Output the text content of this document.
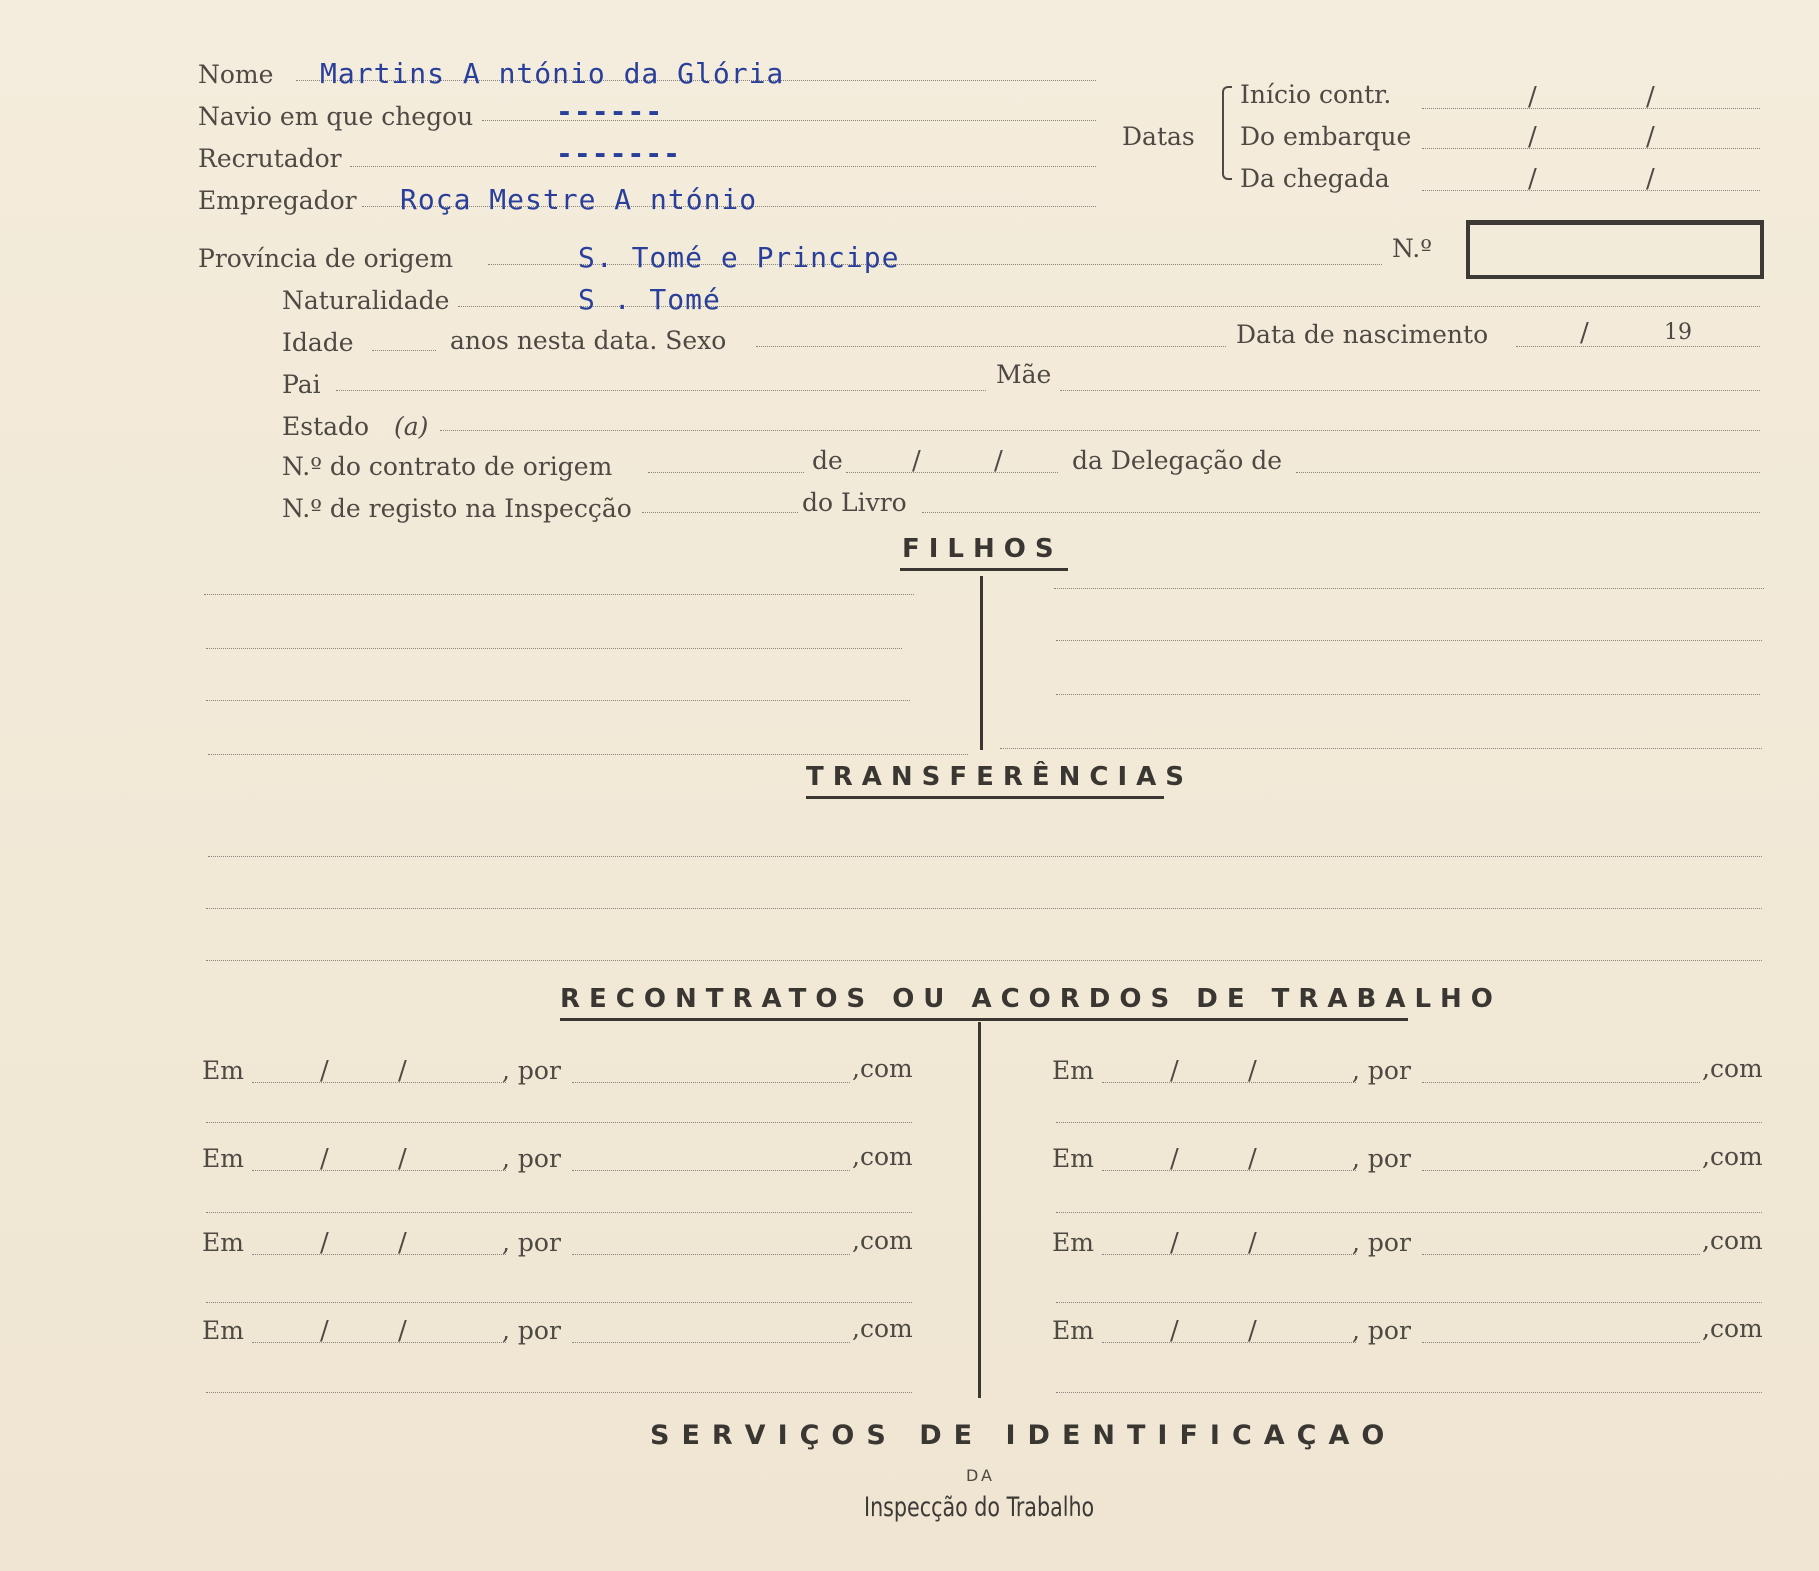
Nome Martins A ntónio da Glória
Navio em que chegou	------
Recrutador	-------
Empregador Roça Mestre A ntónio
Datas
Início contr.	/	/
Do embarque	/	/
Da chegada	/	/
Província de origem	S. Tomé e Principe	N.º
Naturalidade	S . Tomé
Idade	anos nesta data. Sexo	Data de nascimento	/	19
Pai	Mãe
Estado (a)
N.º do contrato de origem	de	/	/	da Delegação de
N.º de registo na Inspecção	do Livro
FILHOS
TRANSFERÊNCIAS
RECONTRATOS OU ACORDOS DE TRABALHO
Em	/	/	, por	,com	Em	/	/	, por	,com
Em	/	/	, por	,com	Em	/	/	, por	,com
Em	/	/	, por	,com	Em	/	/	, por	,com
Em	/	/	, por	,com	Em	/	/	, por	,com
SERVIÇOS DE IDENTIFICAÇAO
DA
Inspecção do Trabalho
